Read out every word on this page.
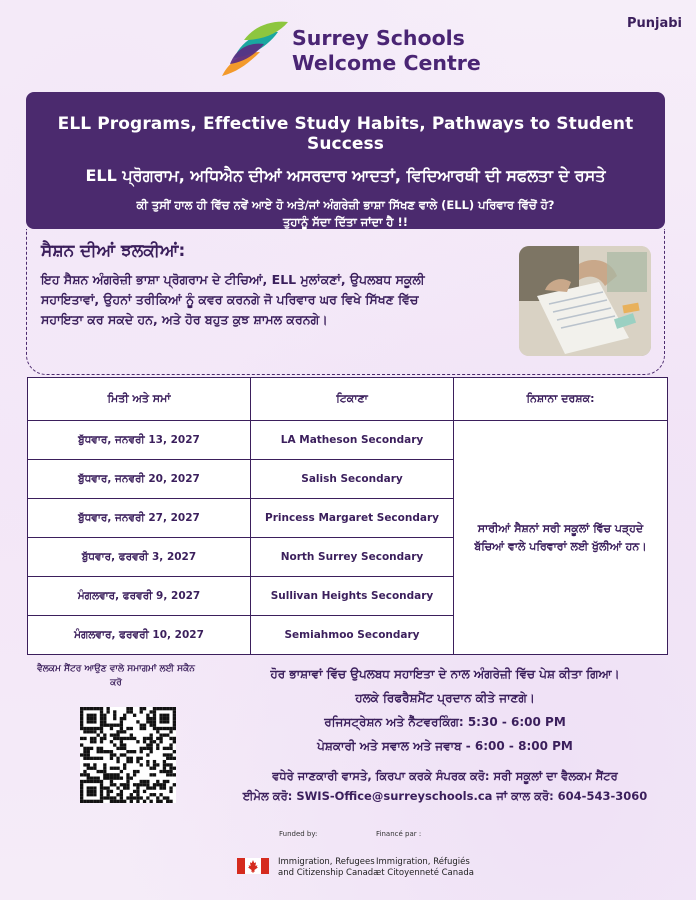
Punjabi
Surrey Schools
Welcome Centre
ELL Programs, Effective Study Habits, Pathways to Student Success
ELL ਪ੍ਰੋਗਰਾਮ, ਅਧਿਐਨ ਦੀਆਂ ਅਸਰਦਾਰ ਆਦਤਾਂ, ਵਿਦਿਆਰਥੀ ਦੀ ਸਫਲਤਾ ਦੇ ਰਸਤੇ
ਕੀ ਤੁਸੀਂ ਹਾਲ ਹੀ ਵਿੱਚ ਨਵੇਂ ਆਏ ਹੋ ਅਤੇ/ਜਾਂ ਅੰਗਰੇਜ਼ੀ ਭਾਸ਼ਾ ਸਿੱਖਣ ਵਾਲੇ (ELL) ਪਰਿਵਾਰ ਵਿੱਚੋਂ ਹੋ?
ਤੁਹਾਨੂੰ ਸੱਦਾ ਦਿੱਤਾ ਜਾਂਦਾ ਹੈ !!
ਸੈਸ਼ਨ ਦੀਆਂ ਝਲਕੀਆਂ:
ਇਹ ਸੈਸ਼ਨ ਅੰਗਰੇਜ਼ੀ ਭਾਸ਼ਾ ਪ੍ਰੋਗਰਾਮ ਦੇ ਟੀਚਿਆਂ, ELL ਮੁਲਾਂਕਣਾਂ, ਉਪਲਬਧ ਸਕੂਲੀ ਸਹਾਇਤਾਵਾਂ, ਉਹਨਾਂ ਤਰੀਕਿਆਂ ਨੂੰ ਕਵਰ ਕਰਨਗੇ ਜੋ ਪਰਿਵਾਰ ਘਰ ਵਿਖੇ ਸਿੱਖਣ ਵਿੱਚ ਸਹਾਇਤਾ ਕਰ ਸਕਦੇ ਹਨ, ਅਤੇ ਹੋਰ ਬਹੁਤ ਕੁਝ ਸ਼ਾਮਲ ਕਰਨਗੇ।
ਮਿਤੀ ਅਤੇ ਸਮਾਂ	ਟਿਕਾਣਾ	ਨਿਸ਼ਾਨਾ ਦਰਸ਼ਕ:
ਬੁੱਧਵਾਰ, ਜਨਵਰੀ 13, 2027	LA Matheson Secondary	ਸਾਰੀਆਂ ਸੈਸ਼ਨਾਂ ਸਰੀ ਸਕੂਲਾਂ ਵਿੱਚ ਪੜ੍ਹਦੇ ਬੱਚਿਆਂ ਵਾਲੇ ਪਰਿਵਾਰਾਂ ਲਈ ਖੁੱਲੀਆਂ ਹਨ।
ਬੁੱਧਵਾਰ, ਜਨਵਰੀ 20, 2027	Salish Secondary	
ਬੁੱਧਵਾਰ, ਜਨਵਰੀ 27, 2027	Princess Margaret Secondary	
ਬੁੱਧਵਾਰ, ਫਰਵਰੀ 3, 2027	North Surrey Secondary	
ਮੰਗਲਵਾਰ, ਫਰਵਰੀ 9, 2027	Sullivan Heights Secondary	
ਮੰਗਲਵਾਰ, ਫਰਵਰੀ 10, 2027	Semiahmoo Secondary	
ਵੈਲਕਮ ਸੈਂਟਰ ਆਉਣ ਵਾਲੇ ਸਮਾਗਮਾਂ ਲਈ ਸਕੈਨ ਕਰੋ
ਹੋਰ ਭਾਸ਼ਾਵਾਂ ਵਿੱਚ ਉਪਲਬਧ ਸਹਾਇਤਾ ਦੇ ਨਾਲ ਅੰਗਰੇਜ਼ੀ ਵਿੱਚ ਪੇਸ਼ ਕੀਤਾ ਗਿਆ।
ਹਲਕੇ ਰਿਫਰੈਸ਼ਮੈਂਟ ਪ੍ਰਦਾਨ ਕੀਤੇ ਜਾਣਗੇ।
ਰਜਿਸਟ੍ਰੇਸ਼ਨ ਅਤੇ ਨੈੱਟਵਰਕਿੰਗ: 5:30 - 6:00 PM
ਪੇਸ਼ਕਾਰੀ ਅਤੇ ਸਵਾਲ ਅਤੇ ਜਵਾਬ - 6:00 - 8:00 PM
ਵਧੇਰੇ ਜਾਣਕਾਰੀ ਵਾਸਤੇ, ਕਿਰਪਾ ਕਰਕੇ ਸੰਪਰਕ ਕਰੋ: ਸਰੀ ਸਕੂਲਾਂ ਦਾ ਵੈਲਕਮ ਸੈਂਟਰ
ਈਮੇਲ ਕਰੋ: SWIS-Office@surreyschools.ca ਜਾਂ ਕਾਲ ਕਰੋ: 604-543-3060
Funded by:	Financé par :
Immigration, Refugees
and Citizenship Canada
Immigration, Réfugiés
et Citoyenneté Canada
